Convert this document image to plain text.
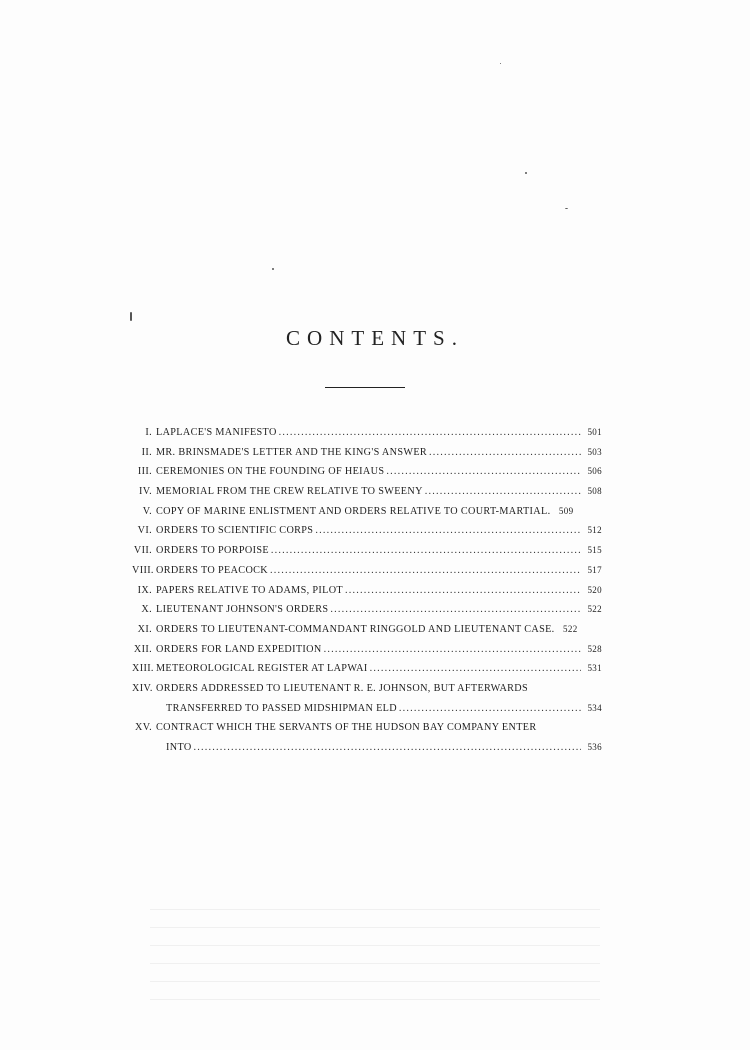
CONTENTS.
I. LAPLACE'S MANIFESTO .....	501
II. MR. BRINSMADE'S LETTER AND THE KING'S ANSWER .....	503
III. CEREMONIES ON THE FOUNDING OF HEIAUS .....	506
IV. MEMORIAL FROM THE CREW RELATIVE TO SWEENY .....	508
V. COPY OF MARINE ENLISTMENT AND ORDERS RELATIVE TO COURT-MARTIAL. 509
VI. ORDERS TO SCIENTIFIC CORPS .....	512
VII. ORDERS TO PORPOISE .....	515
VIII. ORDERS TO PEACOCK .....	517
IX. PAPERS RELATIVE TO ADAMS, PILOT .....	520
X. LIEUTENANT JOHNSON'S ORDERS .....	522
XI. ORDERS TO LIEUTENANT-COMMANDANT RINGGOLD AND LIEUTENANT CASE. 522
XII. ORDERS FOR LAND EXPEDITION .....	528
XIII. METEOROLOGICAL REGISTER AT LAPWAI .....	531
XIV. ORDERS ADDRESSED TO LIEUTENANT R. E. JOHNSON, BUT AFTERWARDS
TRANSFERRED TO PASSED MIDSHIPMAN ELD .....	534
XV. CONTRACT WHICH THE SERVANTS OF THE HUDSON BAY COMPANY ENTER
INTO .....	536
